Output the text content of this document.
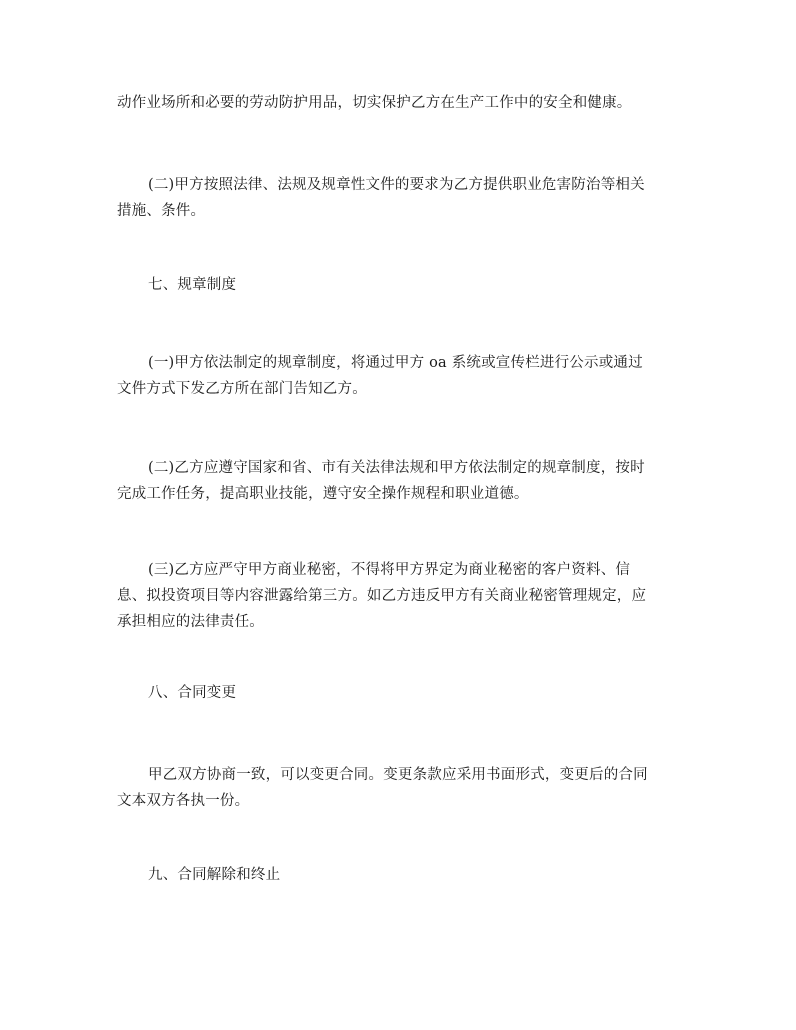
动作业场所和必要的劳动防护用品，切实保护乙方在生产工作中的安全和健康。

(二)甲方按照法律、法规及规章性文件的要求为乙方提供职业危害防治等相关
措施、条件。

七、规章制度

(一)甲方依法制定的规章制度，将通过甲方 oa 系统或宣传栏进行公示或通过
文件方式下发乙方所在部门告知乙方。

(二)乙方应遵守国家和省、市有关法律法规和甲方依法制定的规章制度，按时
完成工作任务，提高职业技能，遵守安全操作规程和职业道德。

(三)乙方应严守甲方商业秘密，不得将甲方界定为商业秘密的客户资料、信
息、拟投资项目等内容泄露给第三方。如乙方违反甲方有关商业秘密管理规定，应
承担相应的法律责任。

八、合同变更

甲乙双方协商一致，可以变更合同。变更条款应采用书面形式，变更后的合同
文本双方各执一份。

九、合同解除和终止
